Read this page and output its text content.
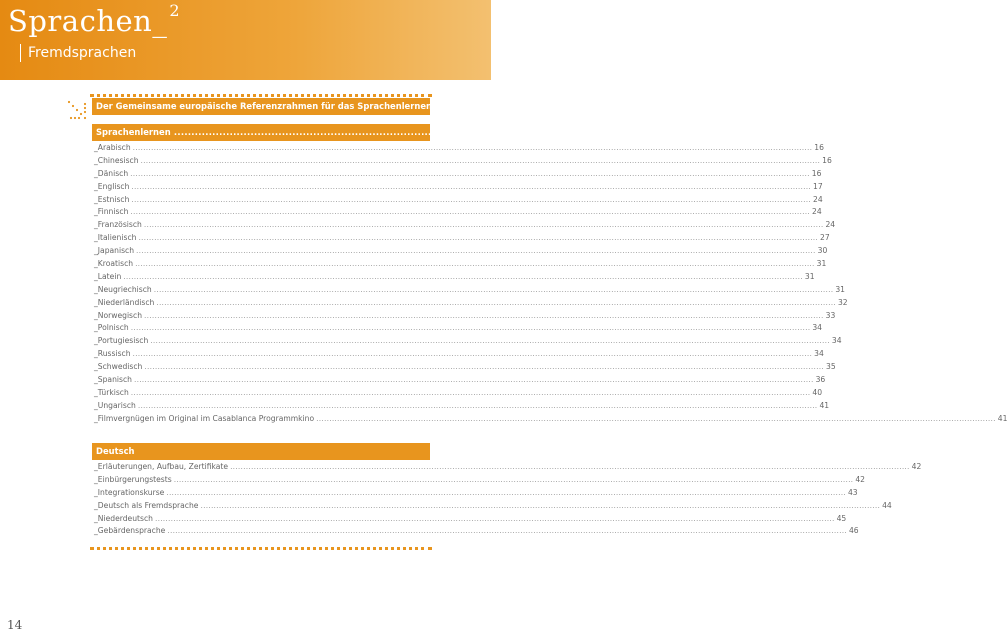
Sprachen_ $^2$
Fremdsprachen
Der Gemeinsame europäische Referenzrahmen für das Sprachenlernen 15
Sprachenlernen ........................................................................................................................................ 16
_Arabisch .................................................................................................................................................................................................................................................................... 16
_Chinesisch .................................................................................................................................................................................................................................................................... 16
_Dänisch .................................................................................................................................................................................................................................................................... 16
_Englisch .................................................................................................................................................................................................................................................................... 17
_Estnisch .................................................................................................................................................................................................................................................................... 24
_Finnisch .................................................................................................................................................................................................................................................................... 24
_Französisch .................................................................................................................................................................................................................................................................... 24
_Italienisch .................................................................................................................................................................................................................................................................... 27
_Japanisch .................................................................................................................................................................................................................................................................... 30
_Kroatisch .................................................................................................................................................................................................................................................................... 31
_Latein .................................................................................................................................................................................................................................................................... 31
_Neugriechisch .................................................................................................................................................................................................................................................................... 31
_Niederländisch .................................................................................................................................................................................................................................................................... 32
_Norwegisch .................................................................................................................................................................................................................................................................... 33
_Polnisch .................................................................................................................................................................................................................................................................... 34
_Portugiesisch .................................................................................................................................................................................................................................................................... 34
_Russisch .................................................................................................................................................................................................................................................................... 34
_Schwedisch .................................................................................................................................................................................................................................................................... 35
_Spanisch .................................................................................................................................................................................................................................................................... 36
_Türkisch .................................................................................................................................................................................................................................................................... 40
_Ungarisch .................................................................................................................................................................................................................................................................... 41
_Filmvergnügen im Original im Casablanca Programmkino .................................................................................................................................................................................................................................................................... 41
Deutsch
_Erläuterungen, Aufbau, Zertifikate .................................................................................................................................................................................................................................................................... 42
_Einbürgerungstests .................................................................................................................................................................................................................................................................... 42
_Integrationskurse .................................................................................................................................................................................................................................................................... 43
_Deutsch als Fremdsprache .................................................................................................................................................................................................................................................................... 44
_Niederdeutsch .................................................................................................................................................................................................................................................................... 45
_Gebärdensprache .................................................................................................................................................................................................................................................................... 46
14
